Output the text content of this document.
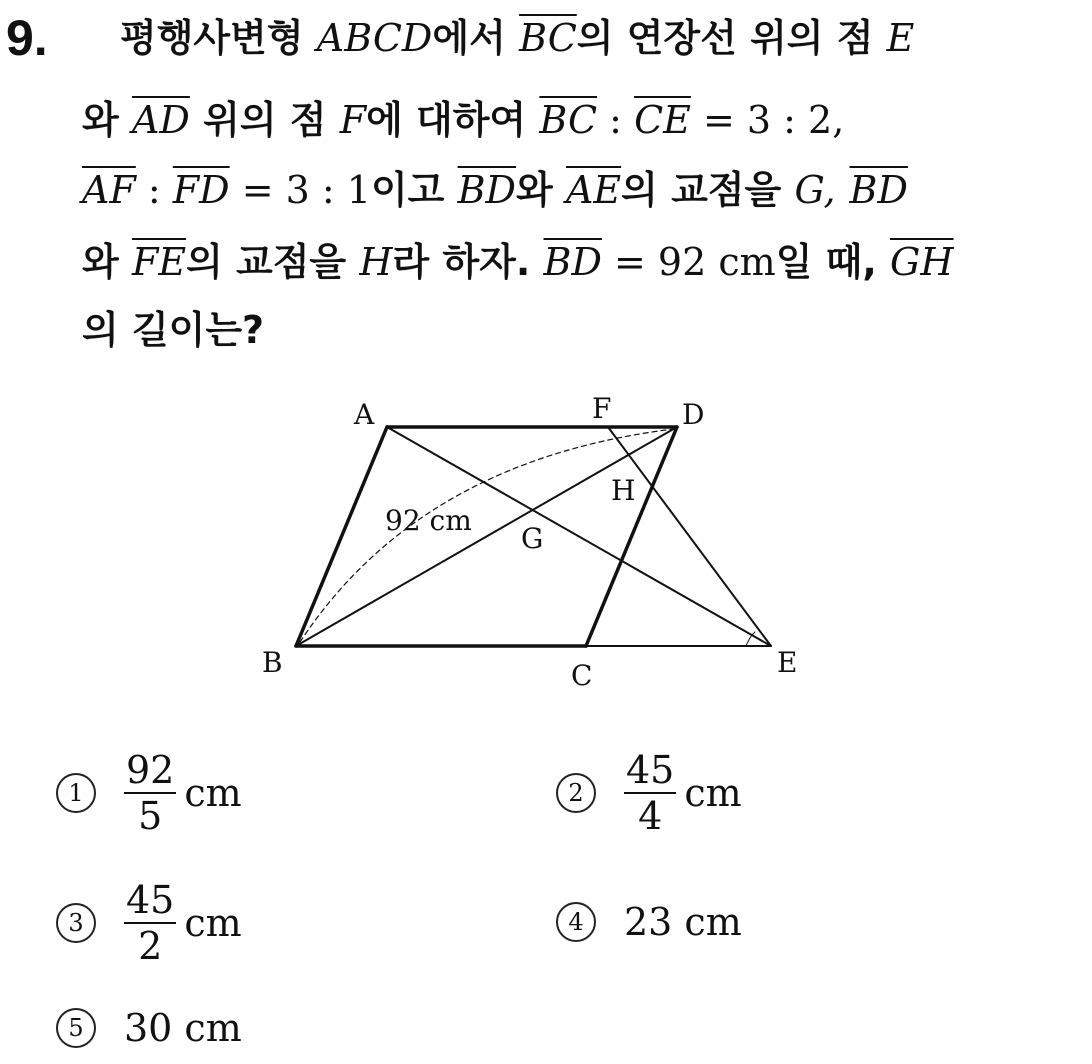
9. 평행사변형 ABCD에서 $\overline{BC}$의 연장선 위의 점 E
와 $\overline{AD}$ 위의 점 F에 대하여 $\overline{BC}$ : $\overline{CE} = 3$ : 2,
$\overline{AF}$ : $\overline{FD} = 3$ : 1이고 $\overline{BD}$와 $\overline{AE}$의 교점을 G, $\overline{BD}$
와 $\overline{FE}$의 교점을 H라 하자. $\overline{BD} = 92$ cm일 때, $\overline{GH}$
의 길이는?
A	F	D
H
G
B	C	E
92 cm
1	$\frac{92}{5}$ cm	2	$\frac{45}{4}$ cm
3	$\frac{45}{2}$ cm	4	23 cm
5	30 cm
